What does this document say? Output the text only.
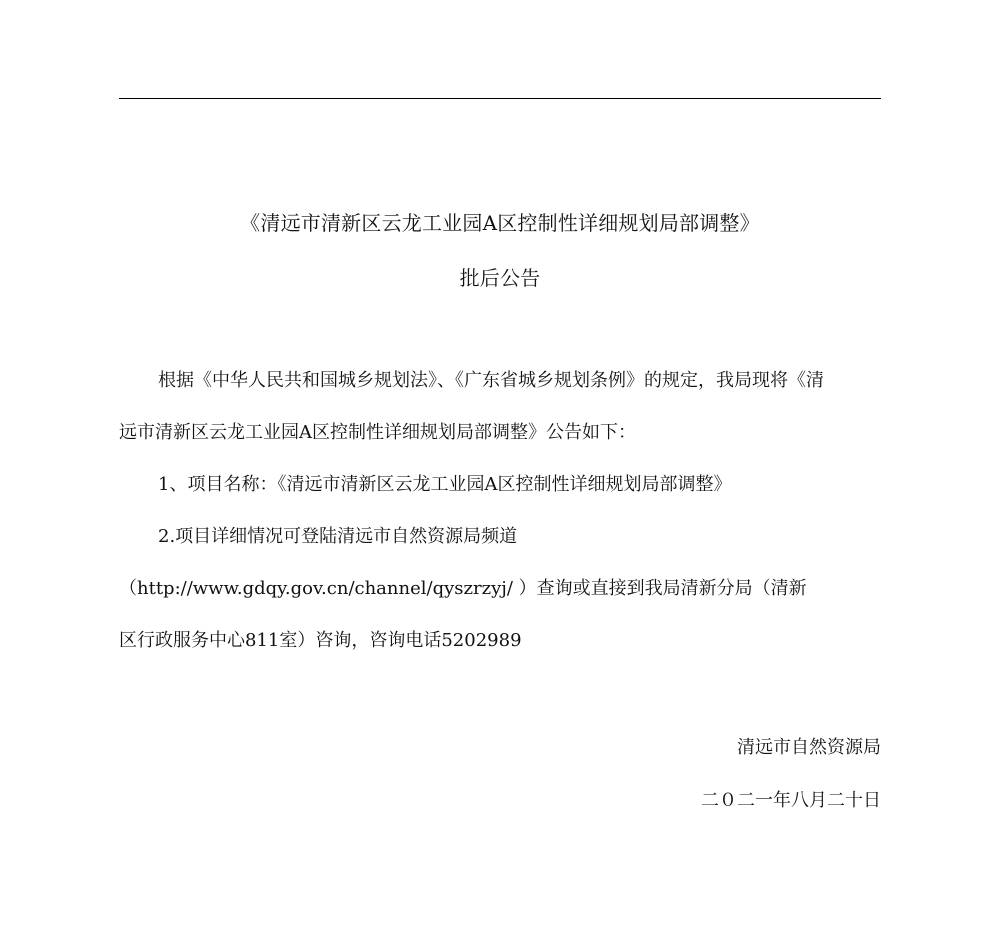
《清远市清新区云龙工业园A区控制性详细规划局部调整》
批后公告
根据《中华人民共和国城乡规划法》、《广东省城乡规划条例》的规定，我局现将《清
远市清新区云龙工业园A区控制性详细规划局部调整》公告如下：
1、项目名称：《清远市清新区云龙工业园A区控制性详细规划局部调整》
2.项目详细情况可登陆清远市自然资源局频道
（http://www.gdqy.gov.cn/channel/qyszrzyj/ ）查询或直接到我局清新分局（清新
区行政服务中心811室）咨询，咨询电话5202989
清远市自然资源局
二０二一年八月二十日
